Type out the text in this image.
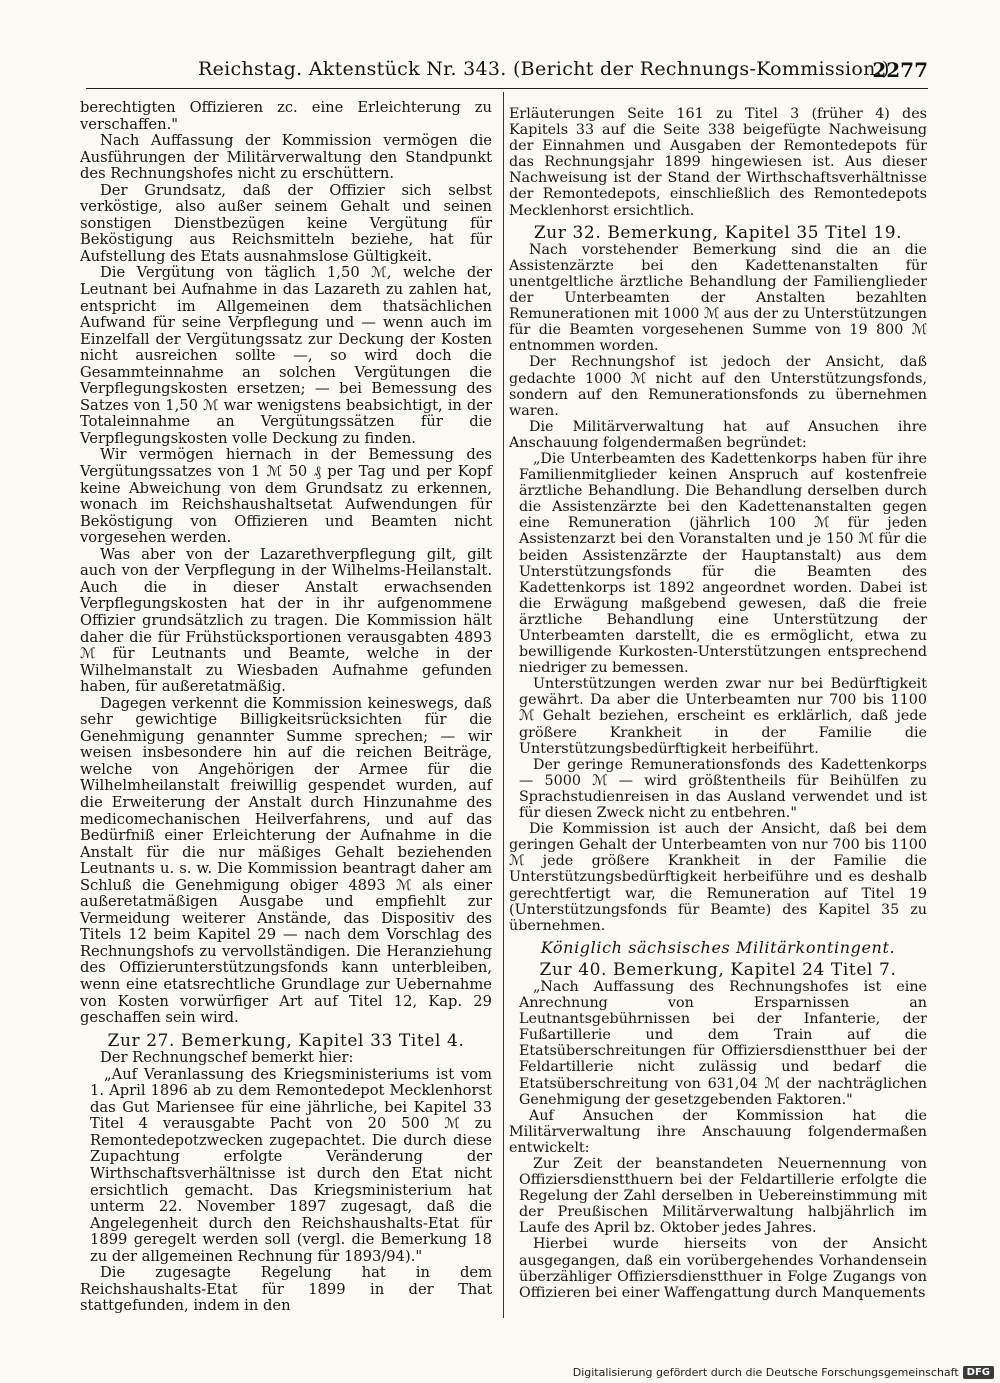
Reichstag. Aktenstück Nr. 343. (Bericht der Rechnungs-Kommission.)
2277

berechtigten Offizieren zc. eine Erleichterung zu verschaffen."

Nach Auffassung der Kommission vermögen die Ausführungen der Militärverwaltung den Standpunkt des Rechnungshofes nicht zu erschüttern.

Der Grundsatz, daß der Offizier sich selbst verköstige, also außer seinem Gehalt und seinen sonstigen Dienstbezügen keine Vergütung für Beköstigung aus Reichsmitteln beziehe, hat für Aufstellung des Etats ausnahmslose Gültigkeit.

Die Vergütung von täglich 1,50 ℳ, welche der Leutnant bei Aufnahme in das Lazareth zu zahlen hat, entspricht im Allgemeinen dem thatsächlichen Aufwand für seine Verpflegung und — wenn auch im Einzelfall der Vergütungssatz zur Deckung der Kosten nicht ausreichen sollte —, so wird doch die Gesammteinnahme an solchen Vergütungen die Verpflegungskosten ersetzen; — bei Bemessung des Satzes von 1,50 ℳ war wenigstens beabsichtigt, in der Totaleinnahme an Vergütungssätzen für die Verpflegungskosten volle Deckung zu finden.

Wir vermögen hiernach in der Bemessung des Vergütungssatzes von 1 ℳ 50 ₰ per Tag und per Kopf keine Abweichung von dem Grundsatz zu erkennen, wonach im Reichshaushaltsetat Aufwendungen für Beköstigung von Offizieren und Beamten nicht vorgesehen werden.

Was aber von der Lazarethverpflegung gilt, gilt auch von der Verpflegung in der Wilhelms-Heilanstalt. Auch die in dieser Anstalt erwachsenden Verpflegungskosten hat der in ihr aufgenommene Offizier grundsätzlich zu tragen. Die Kommission hält daher die für Frühstücksportionen verausgabten 4893 ℳ für Leutnants und Beamte, welche in der Wilhelmanstalt zu Wiesbaden Aufnahme gefunden haben, für außeretatmäßig.

Dagegen verkennt die Kommission keineswegs, daß sehr gewichtige Billigkeitsrücksichten für die Genehmigung genannter Summe sprechen; — wir weisen insbesondere hin auf die reichen Beiträge, welche von Angehörigen der Armee für die Wilhelmheilanstalt freiwillig gespendet wurden, auf die Erweiterung der Anstalt durch Hinzunahme des medicomechanischen Heilverfahrens, und auf das Bedürfniß einer Erleichterung der Aufnahme in die Anstalt für die nur mäßiges Gehalt beziehenden Leutnants u. s. w. Die Kommission beantragt daher am Schluß die Genehmigung obiger 4893 ℳ als einer außeretatmäßigen Ausgabe und empfiehlt zur Vermeidung weiterer Anstände, das Dispositiv des Titels 12 beim Kapitel 29 — nach dem Vorschlag des Rechnungshofs zu vervollständigen. Die Heranziehung des Offizierunterstützungsfonds kann unterbleiben, wenn eine etatsrechtliche Grundlage zur Uebernahme von Kosten vorwürfiger Art auf Titel 12, Kap. 29 geschaffen sein wird.

Zur 27. Bemerkung, Kapitel 33 Titel 4.

Der Rechnungschef bemerkt hier:

„Auf Veranlassung des Kriegsministeriums ist vom 1. April 1896 ab zu dem Remontedepot Mecklenhorst das Gut Mariensee für eine jährliche, bei Kapitel 33 Titel 4 verausgabte Pacht von 20 500 ℳ zu Remontedepotzwecken zugepachtet. Die durch diese Zupachtung erfolgte Veränderung der Wirthschaftsverhältnisse ist durch den Etat nicht ersichtlich gemacht. Das Kriegsministerium hat unterm 22. November 1897 zugesagt, daß die Angelegenheit durch den Reichshaushalts-Etat für 1899 geregelt werden soll (vergl. die Bemerkung 18 zu der allgemeinen Rechnung für 1893/94)."

Die zugesagte Regelung hat in dem Reichshaushalts-Etat für 1899 in der That stattgefunden, indem in den

Erläuterungen Seite 161 zu Titel 3 (früher 4) des Kapitels 33 auf die Seite 338 beigefügte Nachweisung der Einnahmen und Ausgaben der Remontedepots für das Rechnungsjahr 1899 hingewiesen ist. Aus dieser Nachweisung ist der Stand der Wirthschaftsverhältnisse der Remontedepots, einschließlich des Remontedepots Mecklenhorst ersichtlich.

Zur 32. Bemerkung, Kapitel 35 Titel 19.

Nach vorstehender Bemerkung sind die an die Assistenzärzte bei den Kadettenanstalten für unentgeltliche ärztliche Behandlung der Familienglieder der Unterbeamten der Anstalten bezahlten Remunerationen mit 1000 ℳ aus der zu Unterstützungen für die Beamten vorgesehenen Summe von 19 800 ℳ entnommen worden.

Der Rechnungshof ist jedoch der Ansicht, daß gedachte 1000 ℳ nicht auf den Unterstützungsfonds, sondern auf den Remunerationsfonds zu übernehmen waren.

Die Militärverwaltung hat auf Ansuchen ihre Anschauung folgendermaßen begründet:

„Die Unterbeamten des Kadettenkorps haben für ihre Familienmitglieder keinen Anspruch auf kostenfreie ärztliche Behandlung. Die Behandlung derselben durch die Assistenzärzte bei den Kadettenanstalten gegen eine Remuneration (jährlich 100 ℳ für jeden Assistenzarzt bei den Voranstalten und je 150 ℳ für die beiden Assistenzärzte der Hauptanstalt) aus dem Unterstützungsfonds für die Beamten des Kadettenkorps ist 1892 angeordnet worden. Dabei ist die Erwägung maßgebend gewesen, daß die freie ärztliche Behandlung eine Unterstützung der Unterbeamten darstellt, die es ermöglicht, etwa zu bewilligende Kurkosten-Unterstützungen entsprechend niedriger zu bemessen.

Unterstützungen werden zwar nur bei Bedürftigkeit gewährt. Da aber die Unterbeamten nur 700 bis 1100 ℳ Gehalt beziehen, erscheint es erklärlich, daß jede größere Krankheit in der Familie die Unterstützungsbedürftigkeit herbeiführt.

Der geringe Remunerationsfonds des Kadettenkorps — 5000 ℳ — wird größtentheils für Beihülfen zu Sprachstudienreisen in das Ausland verwendet und ist für diesen Zweck nicht zu entbehren."

Die Kommission ist auch der Ansicht, daß bei dem geringen Gehalt der Unterbeamten von nur 700 bis 1100 ℳ jede größere Krankheit in der Familie die Unterstützungsbedürftigkeit herbeiführe und es deshalb gerechtfertigt war, die Remuneration auf Titel 19 (Unterstützungsfonds für Beamte) des Kapitel 35 zu übernehmen.

Königlich sächsisches Militärkontingent.
Zur 40. Bemerkung, Kapitel 24 Titel 7.

„Nach Auffassung des Rechnungshofes ist eine Anrechnung von Ersparnissen an Leutnantsgebührnissen bei der Infanterie, der Fußartillerie und dem Train auf die Etatsüberschreitungen für Offiziersdienstthuer bei der Feldartillerie nicht zulässig und bedarf die Etatsüberschreitung von 631,04 ℳ der nachträglichen Genehmigung der gesetzgebenden Faktoren."

Auf Ansuchen der Kommission hat die Militärverwaltung ihre Anschauung folgendermaßen entwickelt:

Zur Zeit der beanstandeten Neuernennung von Offiziersdienstthuern bei der Feldartillerie erfolgte die Regelung der Zahl derselben in Uebereinstimmung mit der Preußischen Militärverwaltung halbjährlich im Laufe des April bz. Oktober jedes Jahres.

Hierbei wurde hierseits von der Ansicht ausgegangen, daß ein vorübergehendes Vorhandensein überzähliger Offiziersdienstthuer in Folge Zugangs von Offizieren bei einer Waffengattung durch Manquements

Digitalisierung gefördert durch die Deutsche Forschungsgemeinschaft DFG
